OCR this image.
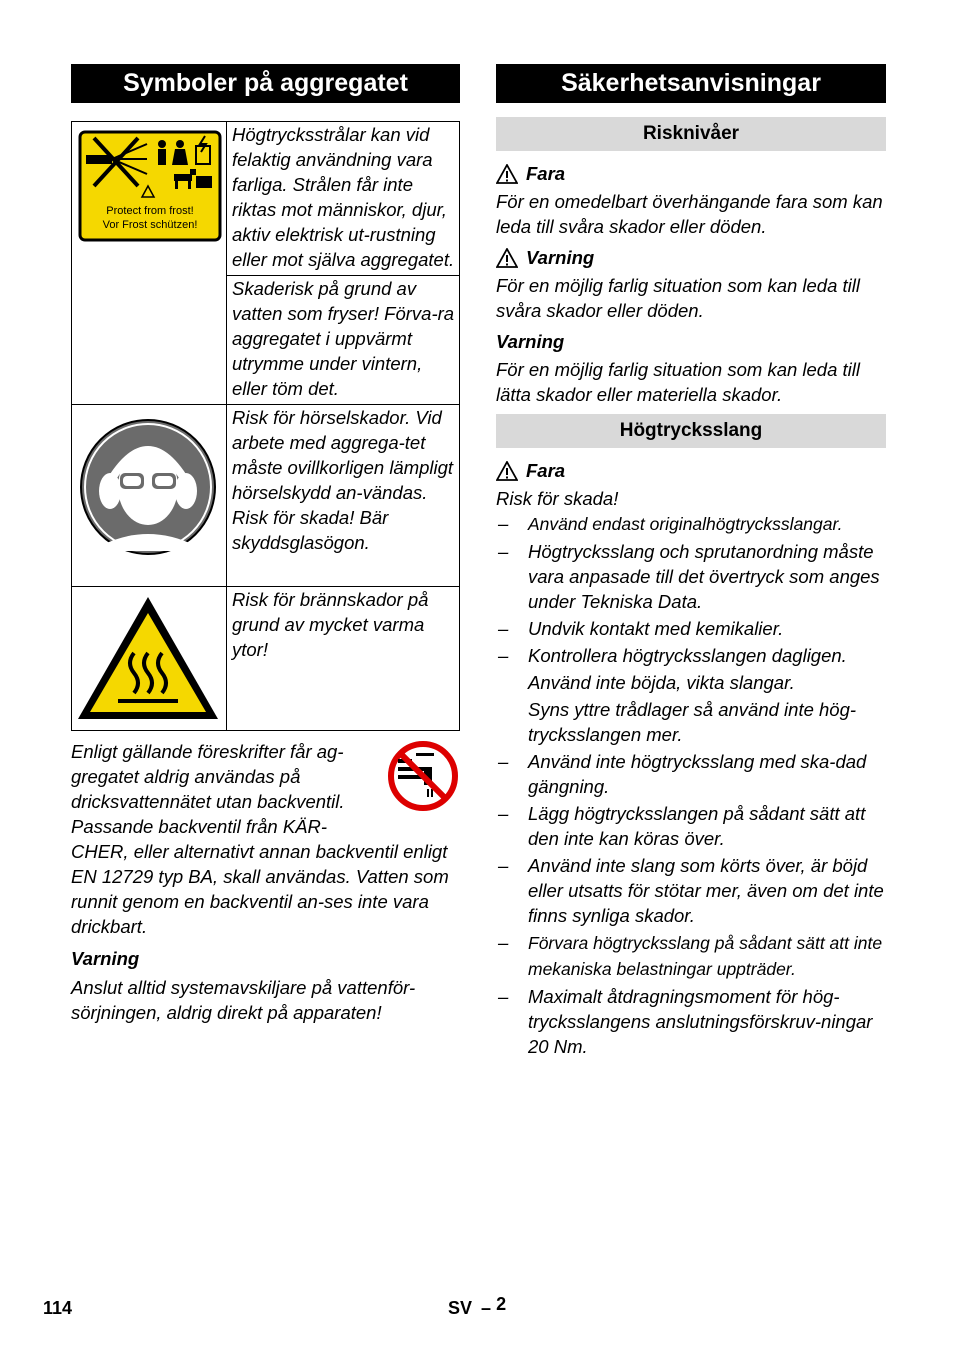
Symboler på aggregatet
Protect from frost!
Vor Frost schützen!	Högtrycksstrålar kan vid felaktig användning vara farliga. Strålen får inte riktas mot människor, djur, aktiv elektrisk ut-rustning eller mot själva aggregatet.
	Skaderisk på grund av vatten som fryser! Förva-ra aggregatet i uppvärmt utrymme under vintern, eller töm det.

Risk för hörselskador. Vid arbete med aggrega-tet måste ovillkorligen lämpligt hörselskydd an-vändas.
Risk för skada! Bär skyddsglasögon.

	Risk för brännskador på grund av mycket varma ytor!
Enligt gällande föreskrifter får ag-
gregatet aldrig användas på
dricksvattennätet utan backventil.
Passande backventil från KÄR-
CHER, eller alternativt annan backventil enligt EN 12729 typ BA, skall användas. Vatten som runnit genom en backventil an-ses inte vara drickbart.
Varning
Anslut alltid systemavskiljare på vattenför-sörjningen, aldrig direkt på apparaten!
Säkerhetsanvisningar
Risknivåer
Fara
För en omedelbart överhängande fara som kan leda till svåra skador eller döden.
Varning
För en möjlig farlig situation som kan leda till svåra skador eller döden.
Varning
För en möjlig farlig situation som kan leda till lätta skador eller materiella skador.
Högtrycksslang
Fara
Risk för skada!
– Använd endast originalhögtrycksslangar.
– Högtrycksslang och sprutanordning måste vara anpasade till det övertryck som anges under Tekniska Data.
– Undvik kontakt med kemikalier.
– Kontrollera högtrycksslangen dagligen.
Använd inte böjda, vikta slangar.
Syns yttre trådlager så använd inte hög-trycksslangen mer.
– Använd inte högtrycksslang med ska-dad gängning.
– Lägg högtrycksslangen på sådant sätt att den inte kan köras över.
– Använd inte slang som körts över, är böjd eller utsatts för stötar mer, även om det inte finns synliga skador.
– Förvara högtrycksslang på sådant sätt att inte mekaniska belastningar uppträder.
– Maximalt åtdragningsmoment för hög-trycksslangens anslutningsförskruv-ningar 20 Nm.
114	SV – 2
